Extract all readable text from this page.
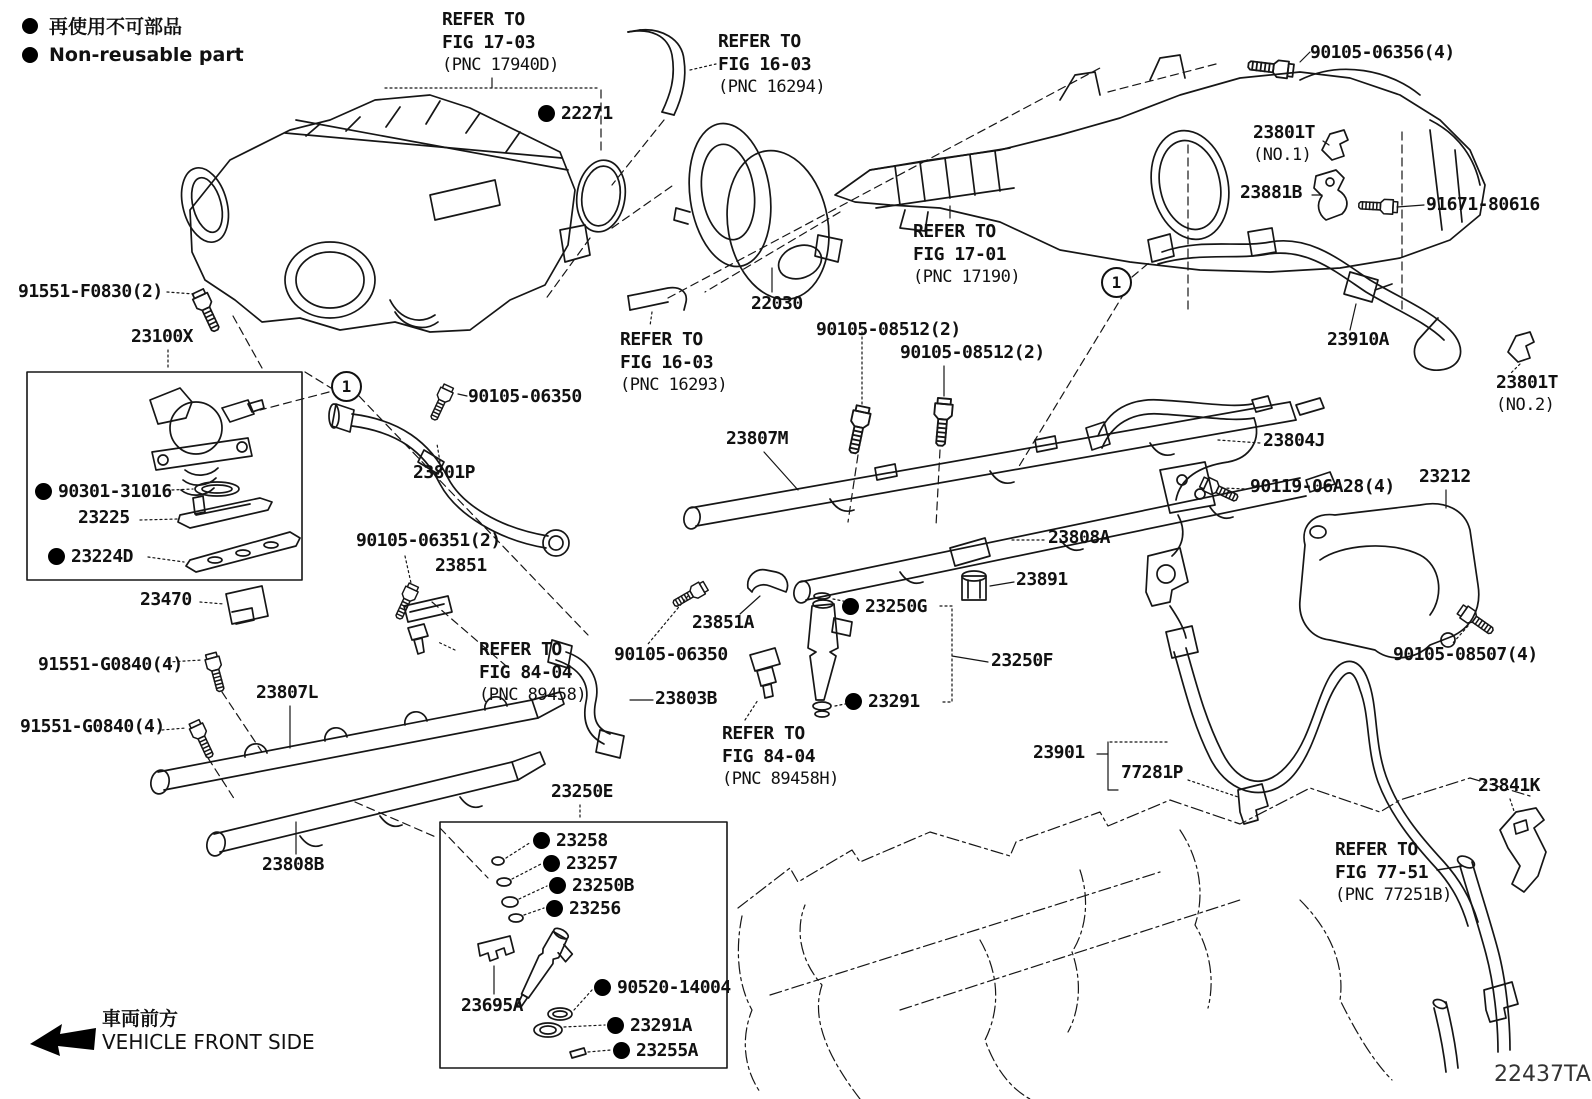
再使用不可部品
Non-reusable part
REFER TO
FIG 17-03
(PNC 17940D)
22271
REFER TO
FIG 16-03
(PNC 16294)
90105-06356(4)
23801T
(NO.1)
23881B
91671-80616
REFER TO
FIG 17-01
(PNC 17190)
22030
23910A
23801T
(NO.2)
91551-F0830(2)
23100X
90105-06350
23801P
90301-31016
23225
23224D
23470
90105-06351(2)
23851
REFER TO
FIG 16-03
(PNC 16293)
90105-08512(2)
90105-08512(2)
23807M
23808A
23891
23851A
90105-06350
23250G
23250F
23291
23803B
REFER TO
FIG 84-04
(PNC 89458)
REFER TO
FIG 84-04
(PNC 89458H)
23804J
90119-06A28(4) 23212
90105-08507(4)
91551-G0840(4)
23807L
91551-G0840(4)
23808B
23901
77281P
23841K
REFER TO
FIG 77-51
(PNC 77251B)
23250E
23258
23257
23250B
23256
23695A
90520-14004
23291A
23255A
1
1
車両前方
VEHICLE FRONT SIDE
22437TA
